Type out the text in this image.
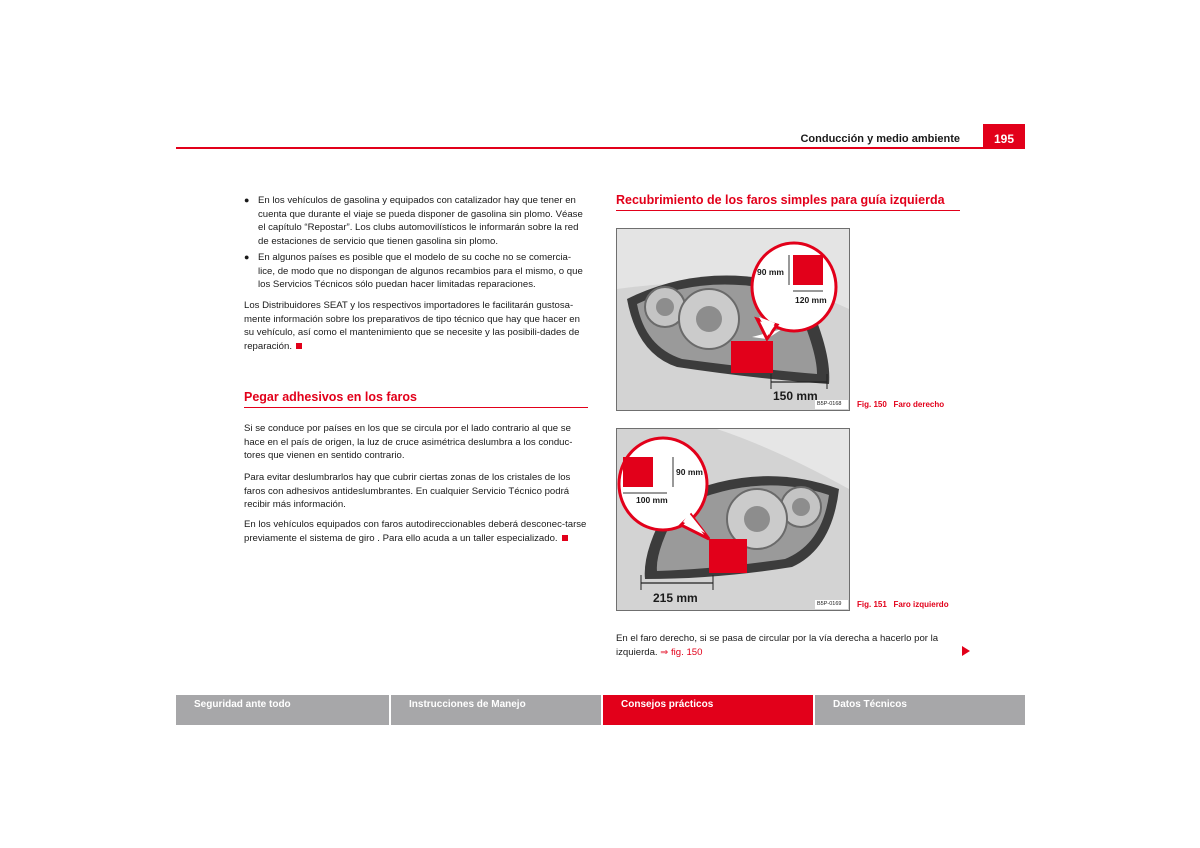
Conducción y medio ambiente	195
● En los vehículos de gasolina y equipados con catalizador hay que tener en cuenta que durante el viaje se pueda disponer de gasolina sin plomo. Véase el capítulo “Repostar”. Los clubs automovilísticos le informarán sobre la red de estaciones de servicio que tienen gasolina sin plomo.

● En algunos países es posible que el modelo de su coche no se comercia-lice, de modo que no dispongan de algunos recambios para el mismo, o que los Servicios Técnicos sólo puedan hacer limitadas reparaciones.

Los Distribuidores SEAT y los respectivos importadores le facilitarán gustosa-mente información sobre los preparativos de tipo técnico que hay que hacer en su vehículo, así como el mantenimiento que se necesite y las posibili-dades de reparación.

Pegar adhesivos en los faros
Si se conduce por países en los que se circula por el lado contrario al que se hace en el país de origen, la luz de cruce asimétrica deslumbra a los conduc-tores que vienen en sentido contrario.
Para evitar deslumbrarlos hay que cubrir ciertas zonas de los cristales de los faros con adhesivos antideslumbrantes. En cualquier Servicio Técnico podrá recibir más información.

En los vehículos equipados con faros autodireccionables deberá desconec-tarse previamente el sistema de giro . Para ello acuda a un taller especializado.

Recubrimiento de los faros simples para guía izquierda
90 mm
120 mm
150 mm
B5P-0168 Fig. 150 Faro derecho
90 mm
100 mm
215 mm	B5P-0169 Fig. 151 Faro izquierdo
En el faro derecho, si se pasa de circular por la vía derecha a hacerlo por la izquierda. ⇒ fig. 150
Seguridad ante todo	Instrucciones de Manejo	Consejos prácticos	Datos Técnicos
